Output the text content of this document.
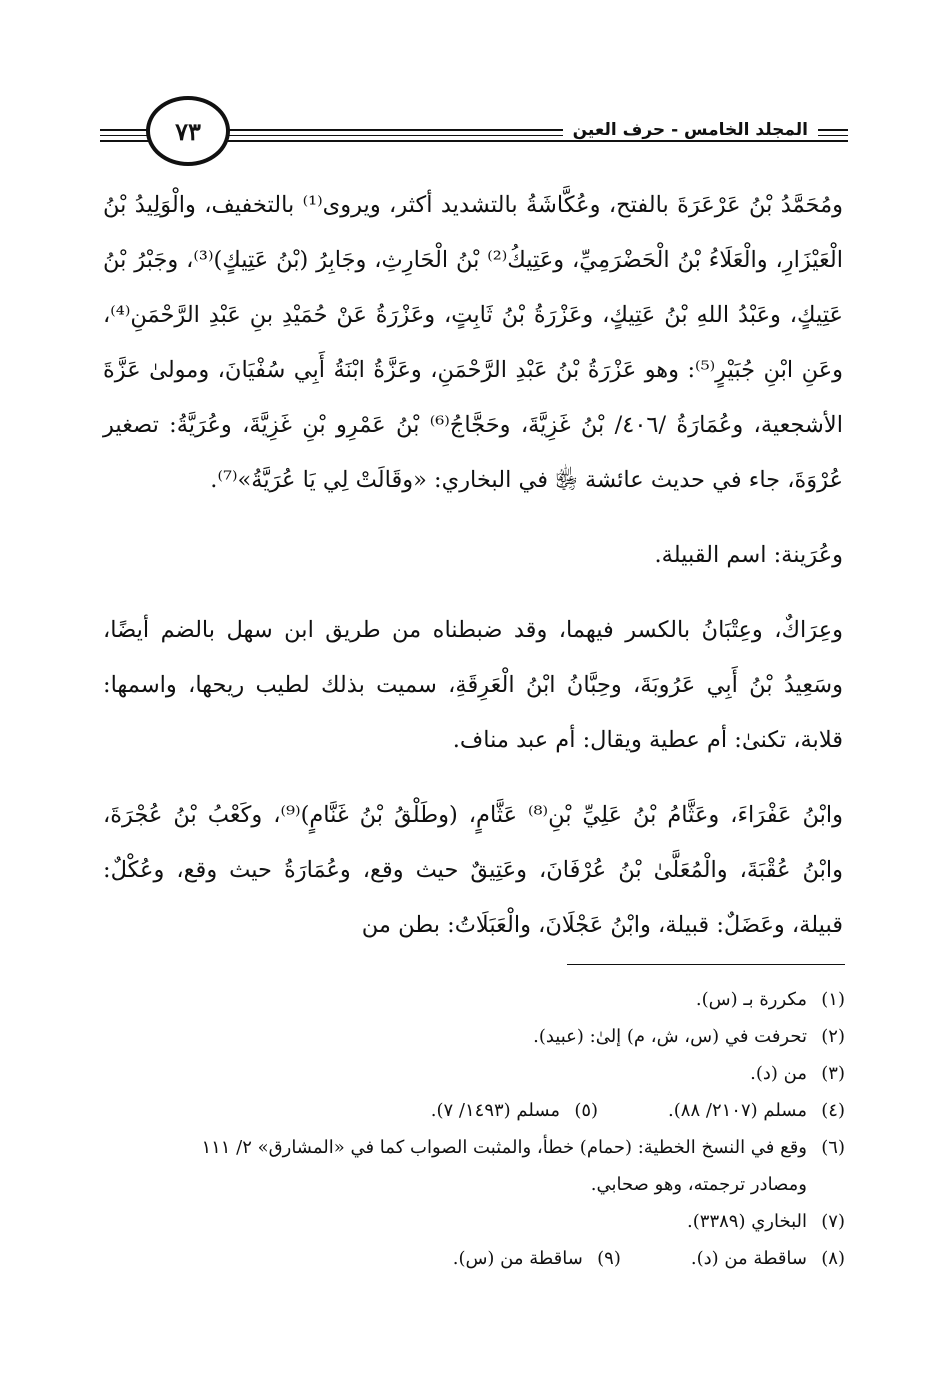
٧٣	المجلد الخامس - حرف العين

ومُحَمَّدُ بْنُ عَرْعَرَةَ بالفتح، وعُكَّاشَةُ بالتشديد أكثر، ويروى⁽¹⁾ بالتخفيف، والْوَلِيدُ بْنُ الْعَيْزَارِ، والْعَلَاءُ بْنُ الْحَضْرَمِيِّ، وعَتِيكُ⁽²⁾ بْنُ الْحَارِثِ، وجَابِرُ (بْنُ عَتِيكٍ)⁽³⁾، وجَبْرُ بْنُ عَتِيكٍ، وعَبْدُ اللهِ بْنُ عَتِيكٍ، وعَزْرَةُ بْنُ ثَابِتٍ، وعَزْرَةُ عَنْ حُمَيْدِ بنِ عَبْدِ الرَّحْمَنِ⁽⁴⁾، وعَنِ ابْنِ جُبَيْرٍ⁽⁵⁾: وهو عَزْرَةُ بْنُ عَبْدِ الرَّحْمَنِ، وعَزَّةُ ابْنَةُ أَبِي سُفْيَانَ، ومولىٰ عَزَّةَ الأشجعية، وعُمَارَةُ /٤٠٦/ بْنُ غَزِيَّةَ، وحَجَّاجُ⁽⁶⁾ بْنُ عَمْرِو بْنِ غَزِيَّةَ، وعُرَيَّةُ: تصغير عُرْوَةَ، جاء في حديث عائشة ﵂ في البخاري: «وقَالَتْ لِي يَا عُرَيَّةُ»⁽⁷⁾.

وعُرَينة: اسم القبيلة.

وعِرَاكٌ، وعِتْبَانُ بالكسر فيهما، وقد ضبطناه من طريق ابن سهل بالضم أيضًا، وسَعِيدُ بْنُ أَبِي عَرُوبَةَ، وحِبَّانُ ابْنُ الْعَرِقَةِ، سميت بذلك لطيب ريحها، واسمها: قلابة، تكنىٰ: أم عطية ويقال: أم عبد مناف.

وابْنُ عَفْرَاءَ، وعَثَّامُ بْنُ عَلِيِّ بْنِ⁽⁸⁾ عَثَّامٍ، (وطَلْقُ بْنُ غَنَّامٍ)⁽⁹⁾، وكَعْبُ بْنُ عُجْرَةَ، وابْنُ عُقْبَةَ، والْمُعَلَّىٰ بْنُ عُرْفَانَ، وعَتِيقٌ حيث وقع، وعُمَارَةُ حيث وقع، وعُكْلٌ: قبيلة، وعَضَلٌ: قبيلة، وابْنُ عَجْلَانَ، والْعَبَلَاتُ: بطن من

(١)
مكررة بـ (س).
(٢)
تحرفت في (س، ش، م) إلىٰ: (عبيد).
(٣)
من (د).
(٤)
مسلم (٢١٠٧/ ٨٨).
(٥)
مسلم (١٤٩٣/ ٧).
(٦)
وقع في النسخ الخطية: (حمام) خطأ، والمثبت الصواب كما في «المشارق» ٢/ ١١١
ومصادر ترجمته، وهو صحابي.
(٧)
البخاري (٣٣٨٩).
(٨)
ساقطة من (د).
(٩)
ساقطة من (س).
